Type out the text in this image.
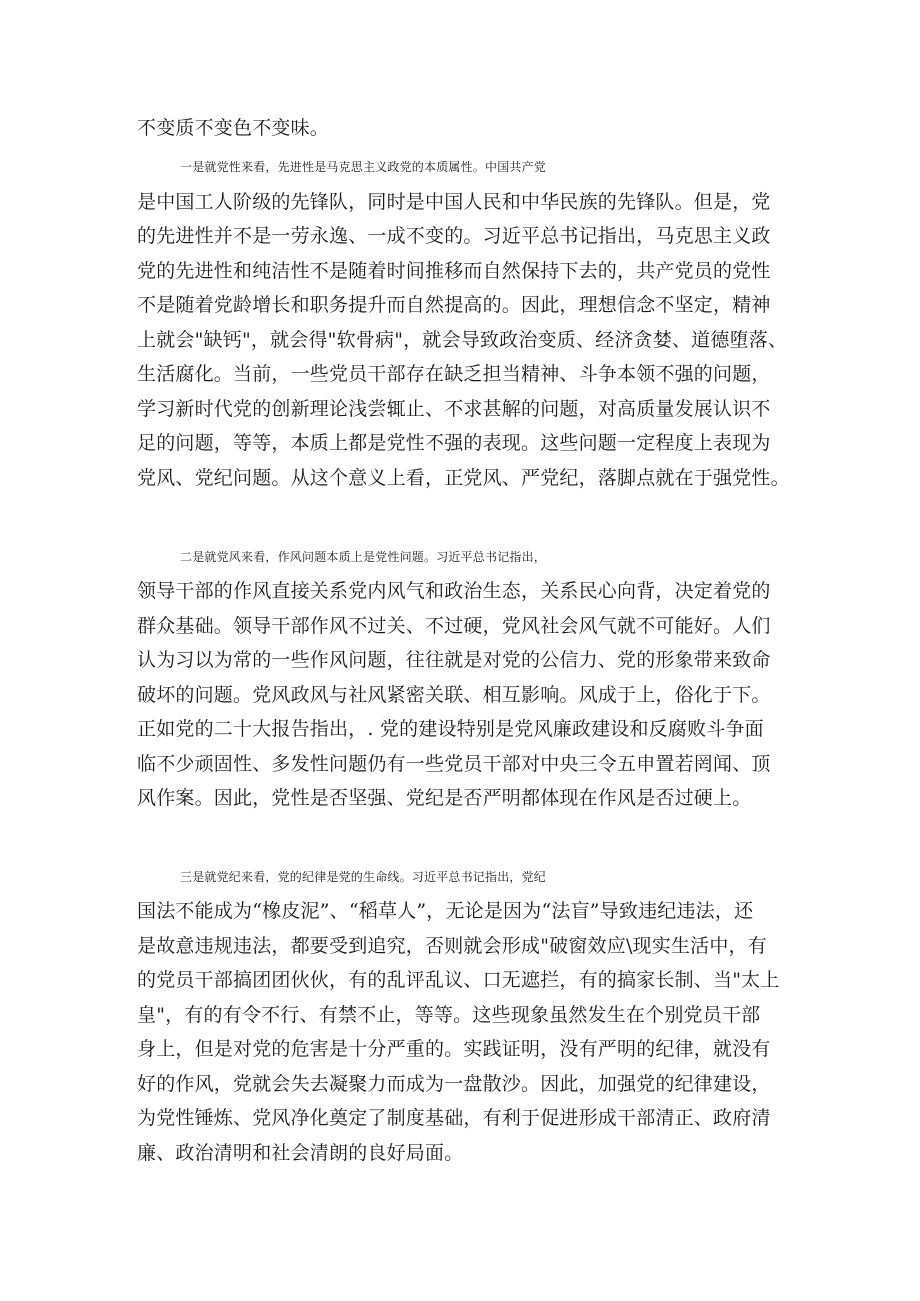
不变质不变色不变味。
一是就党性来看，先进性是马克思主义政党的本质属性。中国共产党
是中国工人阶级的先锋队，同时是中国人民和中华民族的先锋队。但是，党
的先进性并不是一劳永逸、一成不变的。习近平总书记指出，马克思主义政
党的先进性和纯洁性不是随着时间推移而自然保持下去的，共产党员的党性
不是随着党龄增长和职务提升而自然提高的。因此，理想信念不坚定，精神
上就会"缺钙"，就会得"软骨病"，就会导致政治变质、经济贪婪、道德堕落、
生活腐化。当前，一些党员干部存在缺乏担当精神、斗争本领不强的问题，
学习新时代党的创新理论浅尝辄止、不求甚解的问题，对高质量发展认识不
足的问题，等等，本质上都是党性不强的表现。这些问题一定程度上表现为
党风、党纪问题。从这个意义上看，正党风、严党纪，落脚点就在于强党性。
二是就党风来看，作风问题本质上是党性问题。习近平总书记指出，
领导干部的作风直接关系党内风气和政治生态，关系民心向背，决定着党的
群众基础。领导干部作风不过关、不过硬，党风社会风气就不可能好。人们
认为习以为常的一些作风问题，往往就是对党的公信力、党的形象带来致命
破坏的问题。党风政风与社风紧密关联、相互影响。风成于上，俗化于下。
正如党的二十大报告指出，. 党的建设特别是党风廉政建设和反腐败斗争面
临不少顽固性、多发性问题仍有一些党员干部对中央三令五申置若罔闻、顶
风作案。因此，党性是否坚强、党纪是否严明都体现在作风是否过硬上。
三是就党纪来看，党的纪律是党的生命线。习近平总书记指出，党纪
国法不能成为“橡皮泥”、“稻草人”，无论是因为“法盲”导致违纪违法，还
是故意违规违法，都要受到追究，否则就会形成"破窗效应\现实生活中，有
的党员干部搞团团伙伙，有的乱评乱议、口无遮拦，有的搞家长制、当"太上
皇"，有的有令不行、有禁不止，等等。这些现象虽然发生在个别党员干部
身上，但是对党的危害是十分严重的。实践证明，没有严明的纪律，就没有
好的作风，党就会失去凝聚力而成为一盘散沙。因此，加强党的纪律建设，
为党性锤炼、党风净化奠定了制度基础，有利于促进形成干部清正、政府清
廉、政治清明和社会清朗的良好局面。
